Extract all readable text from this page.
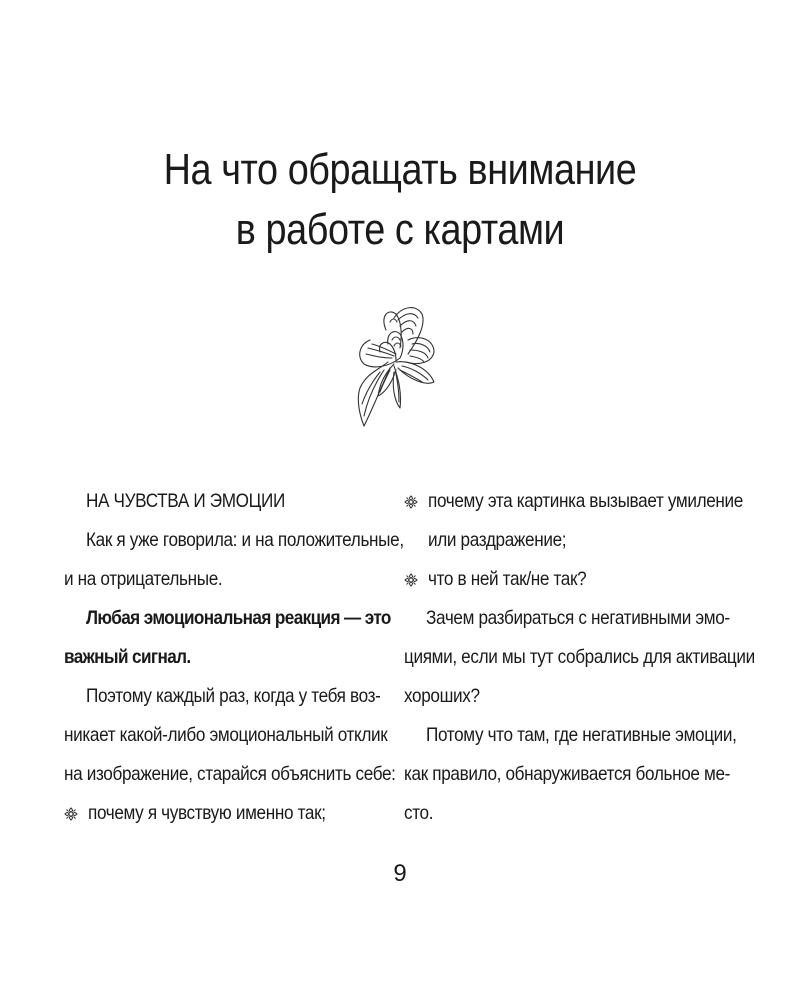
На что обращать внимание
в работе с картами
НА ЧУВСТВА И ЭМОЦИИ
Как я уже говорила: и на положительные,
и на отрицательные.
Любая эмоциональная реакция — это
важный сигнал.
Поэтому каждый раз, когда у тебя воз-
никает какой-либо эмоциональный отклик
на изображение, старайся объяснить себе:
почему я чувствую именно так;
почему эта картинка вызывает умиление
или раздражение;
что в ней так/не так?
Зачем разбираться с негативными эмо-
циями, если мы тут собрались для активации
хороших?
Потому что там, где негативные эмоции,
как правило, обнаруживается больное ме-
сто.
9
